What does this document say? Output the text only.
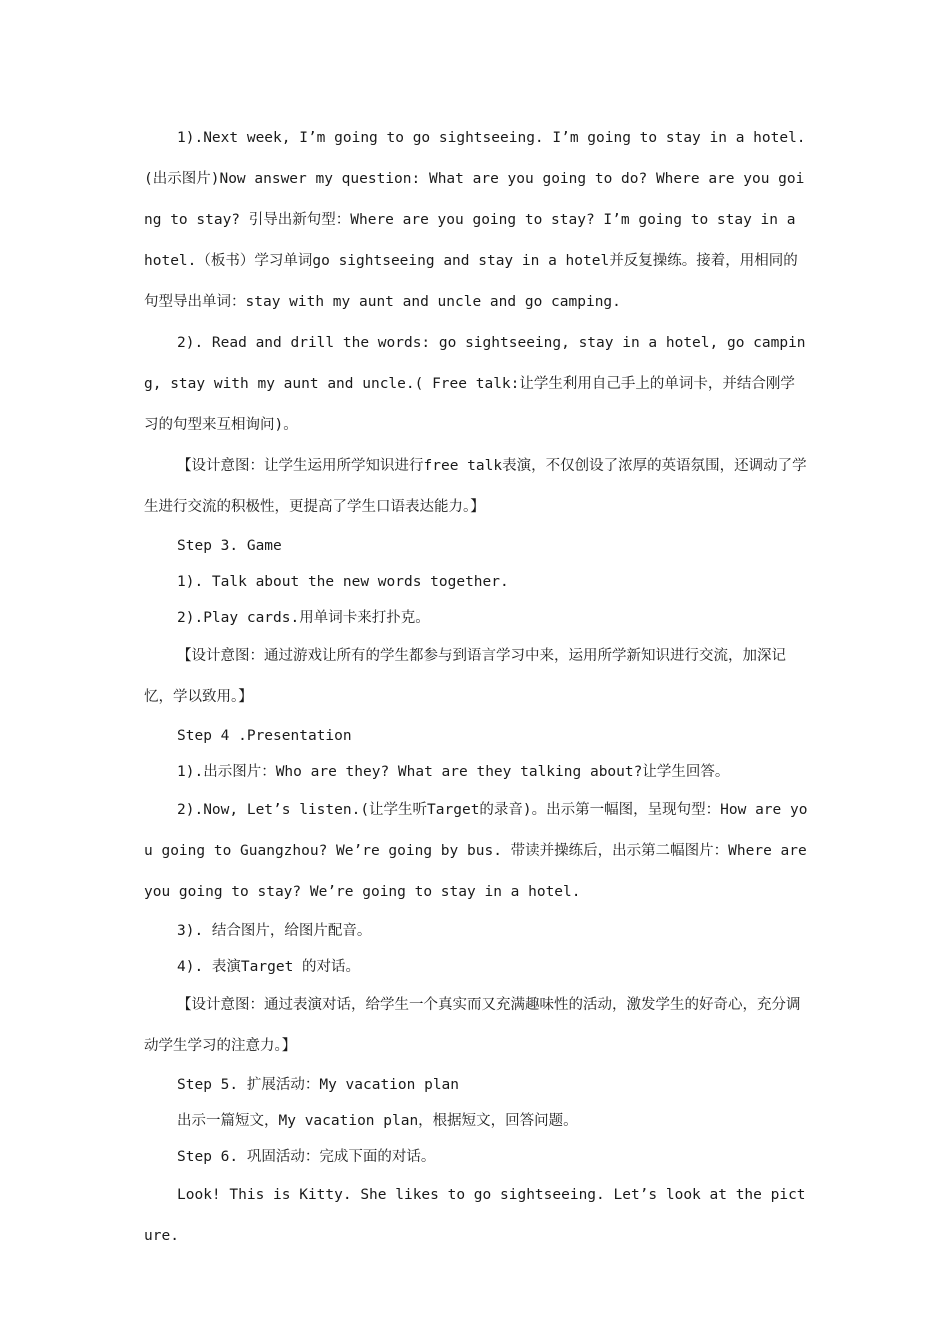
1).Next week, I’m going to go sightseeing. I’m going to stay in a hotel. (出示图片)Now answer my question: What are you going to do? Where are you going to stay? 引导出新句型：Where are you going to stay? I’m going to stay in a hotel.（板书）学习单词go sightseeing and stay in a hotel并反复操练。接着，用相同的句型导出单词：stay with my aunt and uncle and go camping.

2). Read and drill the words: go sightseeing, stay in a hotel, go camping, stay with my aunt and uncle.( Free talk:让学生利用自己手上的单词卡，并结合刚学习的句型来互相询问)。

【设计意图：让学生运用所学知识进行free talk表演，不仅创设了浓厚的英语氛围，还调动了学生进行交流的积极性，更提高了学生口语表达能力。】

Step 3. Game

1). Talk about the new words together.

2).Play cards.用单词卡来打扑克。

【设计意图：通过游戏让所有的学生都参与到语言学习中来，运用所学新知识进行交流，加深记忆，学以致用。】

Step 4 .Presentation

1).出示图片：Who are they? What are they talking about?让学生回答。

2).Now, Let’s listen.(让学生听Target的录音)。出示第一幅图，呈现句型：How are you going to Guangzhou? We’re going by bus. 带读并操练后，出示第二幅图片：Where are you going to stay? We’re going to stay in a hotel.

3). 结合图片，给图片配音。

4). 表演Target 的对话。

【设计意图：通过表演对话，给学生一个真实而又充满趣味性的活动，激发学生的好奇心，充分调动学生学习的注意力。】

Step 5. 扩展活动：My vacation plan

出示一篇短文，My vacation plan，根据短文，回答问题。

Step 6. 巩固活动：完成下面的对话。

Look! This is Kitty. She likes to go sightseeing. Let’s look at the picture.
